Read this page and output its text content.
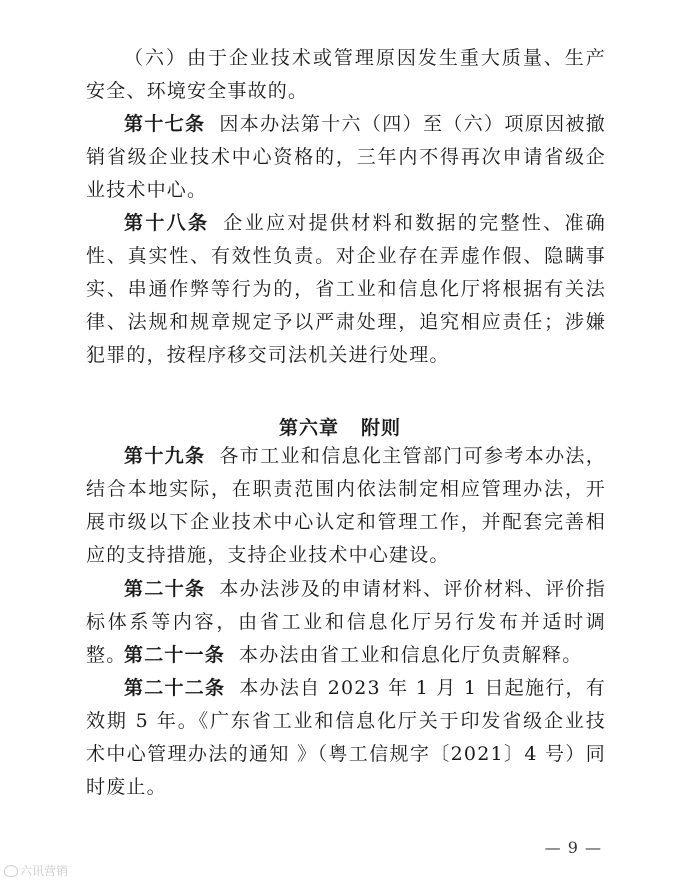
（六）由于企业技术或管理原因发生重大质量、生产安全、环境安全事故的。

第十七条 因本办法第十六（四）至（六）项原因被撤销省级企业技术中心资格的，三年内不得再次申请省级企业技术中心。

第十八条 企业应对提供材料和数据的完整性、准确性、真实性、有效性负责。对企业存在弄虚作假、隐瞒事实、串通作弊等行为的，省工业和信息化厅将根据有关法律、法规和规章规定予以严肃处理，追究相应责任；涉嫌犯罪的，按程序移交司法机关进行处理。

第六章 附则

第十九条 各市工业和信息化主管部门可参考本办法，结合本地实际，在职责范围内依法制定相应管理办法，开展市级以下企业技术中心认定和管理工作，并配套完善相应的支持措施，支持企业技术中心建设。

第二十条 本办法涉及的申请材料、评价材料、评价指标体系等内容，由省工业和信息化厅另行发布并适时调整。

第二十一条 本办法由省工业和信息化厅负责解释。

第二十二条 本办法自 2023 年 1 月 1 日起施行，有效期 5 年。《广东省工业和信息化厅关于印发省级企业技术中心管理办法的通知 》（粤工信规字〔2021〕4 号）同时废止。

— 9 —
六讯营销
